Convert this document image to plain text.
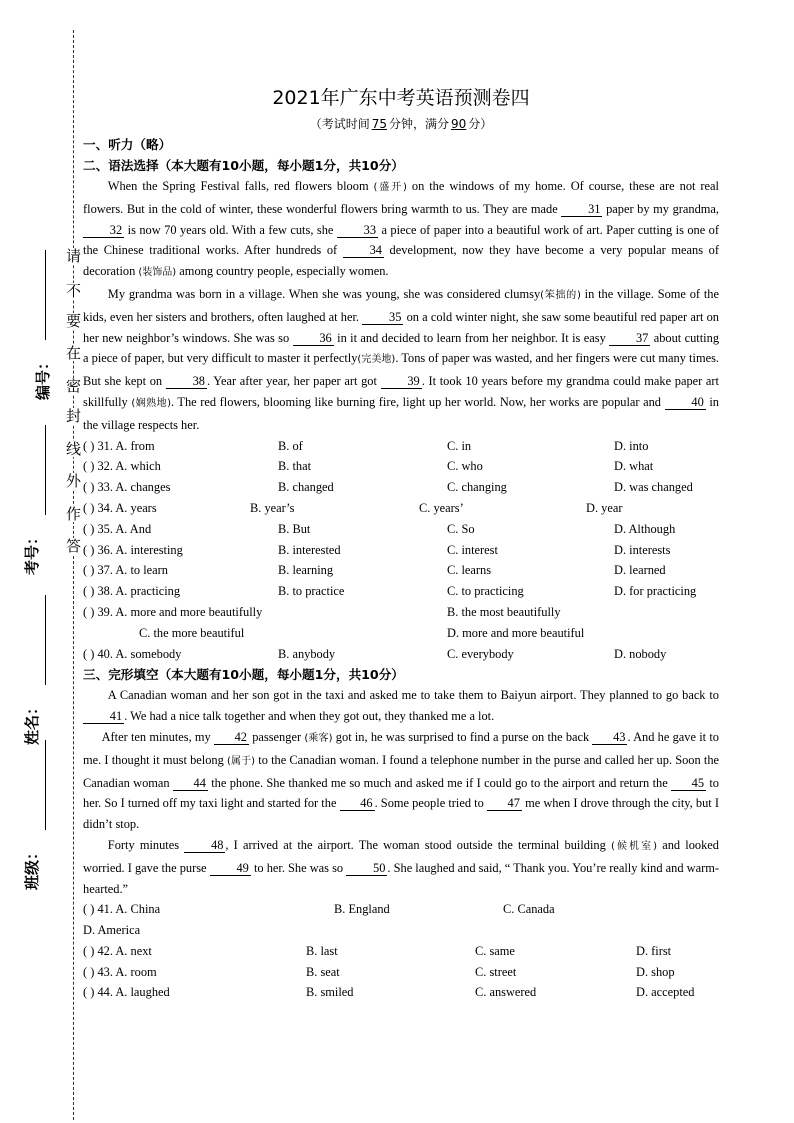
请
不
要
在
密
封
线
外
作
答
编号：
考号：
姓名：
班级：
2021年广东中考英语预测卷四
（考试时间 75 分钟，满分 90 分）
一、听力（略）
二、语法选择（本大题有10小题，每小题1分，共10分）

When the Spring Festival falls, red flowers bloom (盛开) on the windows of my home. Of course, these are not real flowers. But in the cold of winter, these wonderful flowers bring warmth to us. They are made 31 paper by my grandma, 32 is now 70 years old. With a few cuts, she 33 a piece of paper into a beautiful work of art. Paper cutting is one of the Chinese traditional works. After hundreds of 34 development, now they have become a very popular means of decoration (装饰品) among country people, especially women.

My grandma was born in a village. When she was young, she was considered clumsy(笨拙的) in the village. Some of the kids, even her sisters and brothers, often laughed at her. 35 on a cold winter night, she saw some beautiful red paper art on her new neighbor’s windows. She was so 36 in it and decided to learn from her neighbor. It is easy 37 about cutting a piece of paper, but very difficult to master it perfectly(完美地). Tons of paper was wasted, and her fingers were cut many times. But she kept on 38 . Year after year, her paper art got 39 . It took 10 years before my grandma could make paper art skillfully (娴熟地). The red flowers, blooming like burning fire, light up her world. Now, her works are popular and 40 in the village respects her.

( ) 31. A. from	B. of	C. in	D. into
( ) 32. A. which	B. that	C. who	D. what
( ) 33. A. changes	B. changed	C. changing	D. was changed
( ) 34. A. years	B. year’s	C. years’	D. year
( ) 35. A. And	B. But	C. So	D. Although
( ) 36. A. interesting	B. interested	C. interest	D. interests
( ) 37. A. to learn	B. learning	C. learns	D. learned
( ) 38. A. practicing	B. to practice	C. to practicing	D. for practicing
( ) 39. A. more and more beautifully	B. the most beautifully
C. the more beautiful	D. more and more beautiful
( ) 40. A. somebody	B. anybody	C. everybody	D. nobody
三、完形填空（本大题有10小题，每小题1分，共10分）

A Canadian woman and her son got in the taxi and asked me to take them to Baiyun airport. They planned to go back to 41 . We had a nice talk together and when they got out, they thanked me a lot.

After ten minutes, my 42 passenger (乘客) got in, he was surprised to find a purse on the back 43 . And he gave it to me. I thought it must belong (属于) to the Canadian woman. I found a telephone number in the purse and called her up. Soon the Canadian woman 44 the phone. She thanked me so much and asked me if I could go to the airport and return the 45 to her. So I turned off my taxi light and started for the 46 . Some people tried to 47 me when I drove through the city, but I didn’t stop.

Forty minutes 48 , I arrived at the airport. The woman stood outside the terminal building (候机室) and looked worried. I gave the purse 49 to her. She was so 50 . She laughed and said, “ Thank you. You’re really kind and warm-hearted.”

( ) 41. A. China	B. England	C. Canada
D. America
( ) 42. A. next	B. last	C. same	D. first
( ) 43. A. room	B. seat	C. street	D. shop
( ) 44. A. laughed	B. smiled	C. answered	D. accepted
